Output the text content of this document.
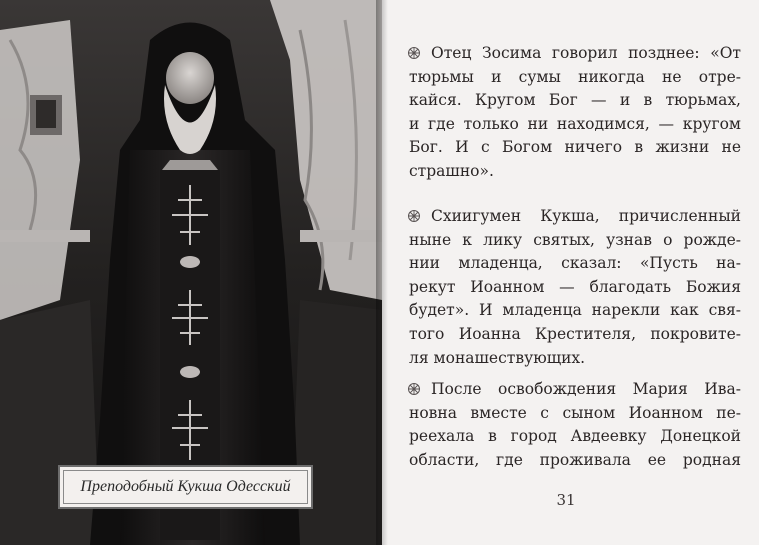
Преподобный Кукша Одесский
Отец Зосима говорил позднее: «От
тюрьмы и сумы никогда не отре-
кайся. Кругом Бог — и в тюрьмах,
и где только ни находимся, — кругом
Бог. И с Богом ничего в жизни не
страшно».
Схиигумен Кукша, причисленный
ныне к лику святых, узнав о рожде-
нии младенца, сказал: «Пусть на-
рекут Иоанном — благодать Божия
будет». И младенца нарекли как свя-
того Иоанна Крестителя, покровите-
ля монашествующих.
После освобождения Мария Ива-
новна вместе с сыном Иоанном пе-
реехала в город Авдеевку Донецкой
области, где проживала ее родная
31
